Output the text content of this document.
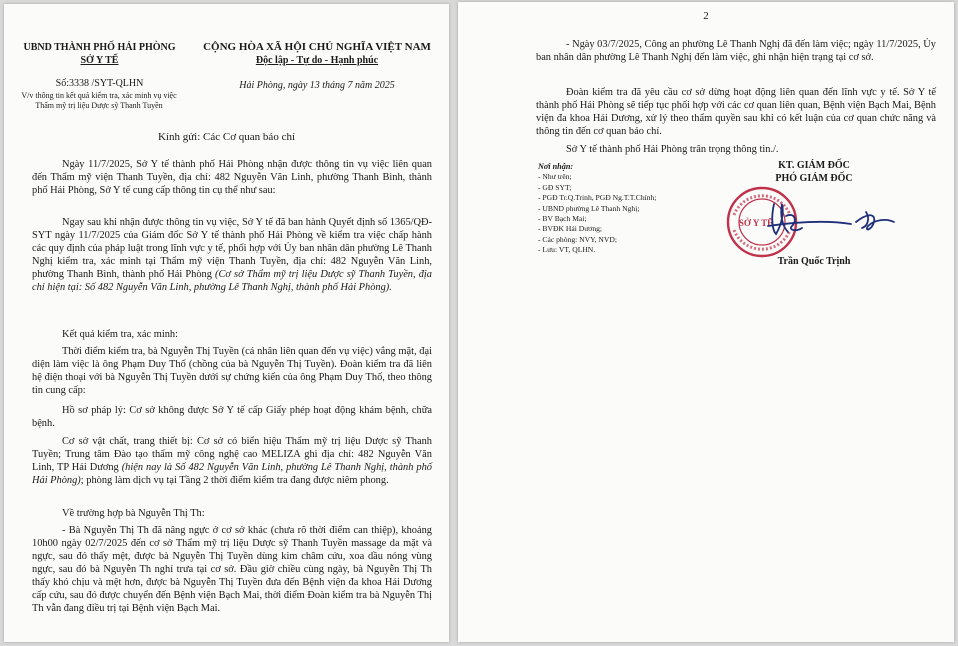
UBND THÀNH PHỐ HẢI PHÒNG
SỞ Y TẾ
Số:3338 /SYT-QLHN
V/v thông tin kết quả kiểm tra, xác minh vụ việc
Thẩm mỹ trị liệu Dược sỹ Thanh Tuyền
CỘNG HÒA XÃ HỘI CHỦ NGHĨA VIỆT NAM
Độc lập - Tự do - Hạnh phúc
Hải Phòng, ngày 13 tháng 7 năm 2025
Kính gửi: Các Cơ quan báo chí
Ngày 11/7/2025, Sở Y tế thành phố Hải Phòng nhận được thông tin vụ việc liên quan đến Thẩm mỹ viện Thanh Tuyền, địa chỉ: 482 Nguyễn Văn Linh, phường Thanh Bình, thành phố Hải Phòng, Sở Y tế cung cấp thông tin cụ thể như sau:
Ngay sau khi nhận được thông tin vụ việc, Sở Y tế đã ban hành Quyết định số 1365/QĐ-SYT ngày 11/7/2025 của Giám đốc Sở Y tế thành phố Hải Phòng về kiểm tra việc chấp hành các quy định của pháp luật trong lĩnh vực y tế, phối hợp với Ủy ban nhân dân phường Lê Thanh Nghị kiểm tra, xác minh tại Thẩm mỹ viện Thanh Tuyền, địa chỉ: 482 Nguyễn Văn Linh, phường Thanh Bình, thành phố Hải Phòng (Cơ sở Thẩm mỹ trị liệu Dược sỹ Thanh Tuyền, địa chỉ hiện tại: Số 482 Nguyễn Văn Linh, phường Lê Thanh Nghị, thành phố Hải Phòng).
Kết quả kiểm tra, xác minh:
Thời điểm kiểm tra, bà Nguyễn Thị Tuyền (cá nhân liên quan đến vụ việc) vắng mặt, đại diện làm việc là ông Phạm Duy Thố (chồng của bà Nguyễn Thị Tuyền). Đoàn kiểm tra đã liên hệ điện thoại với bà Nguyễn Thị Tuyền dưới sự chứng kiến của ông Phạm Duy Thố, theo thông tin cung cấp:
Hồ sơ pháp lý: Cơ sở không được Sở Y tế cấp Giấy phép hoạt động khám bệnh, chữa bệnh.
Cơ sở vật chất, trang thiết bị: Cơ sở có biển hiệu Thẩm mỹ trị liệu Dược sỹ Thanh Tuyền; Trung tâm Đào tạo thẩm mỹ công nghệ cao MELIZA ghi địa chỉ: 482 Nguyễn Văn Linh, TP Hải Dương (hiện nay là Số 482 Nguyễn Văn Linh, phường Lê Thanh Nghị, thành phố Hải Phòng); phòng làm dịch vụ tại Tầng 2 thời điểm kiểm tra đang được niêm phong.
Về trường hợp bà Nguyễn Thị Th:
- Bà Nguyễn Thị Th đã nâng ngực ở cơ sở khác (chưa rõ thời điểm can thiệp), khoảng 10h00 ngày 02/7/2025 đến cơ sở Thẩm mỹ trị liệu Dược sỹ Thanh Tuyền massage da mặt và ngực, sau đó thấy mệt, được bà Nguyễn Thị Tuyền dùng kim châm cứu, xoa dầu nóng vùng ngực, sau đó bà Nguyễn Th nghỉ trưa tại cơ sở. Đầu giờ chiều cùng ngày, bà Nguyễn Thị Th thấy khó chịu và mệt hơn, được bà Nguyễn Thị Tuyền đưa đến Bệnh viện đa khoa Hải Dương cấp cứu, sau đó được chuyển đến Bệnh viện Bạch Mai, thời điểm Đoàn kiểm tra bà Nguyễn Thị Th vẫn đang điều trị tại Bệnh viện Bạch Mai.
2
- Ngày 03/7/2025, Công an phường Lê Thanh Nghị đã đến làm việc; ngày 11/7/2025, Ủy ban nhân dân phường Lê Thanh Nghị đến làm việc, ghi nhận hiện trạng tại cơ sở.
Đoàn kiểm tra đã yêu cầu cơ sở dừng hoạt động liên quan đến lĩnh vực y tế. Sở Y tế thành phố Hải Phòng sẽ tiếp tục phối hợp với các cơ quan liên quan, Bệnh viện Bạch Mai, Bệnh viện đa khoa Hải Dương, xử lý theo thẩm quyền sau khi có kết luận của cơ quan chức năng và thông tin đến cơ quan báo chí.
Sở Y tế thành phố Hải Phòng trân trọng thông tin./.
Nơi nhận:
- Như trên;
- GĐ SYT;
- PGĐ Tr.Q.Trinh, PGĐ Ng.T.T.Chính;
- UBND phường Lê Thanh Nghị;
- BV Bạch Mai;
- BVĐK Hải Dương;
- Các phòng: NVY, NVD;
- Lưu: VT, QLHN.
KT. GIÁM ĐỐC
PHÓ GIÁM ĐỐC
SỞ Y TẾ
Trần Quốc Trịnh
